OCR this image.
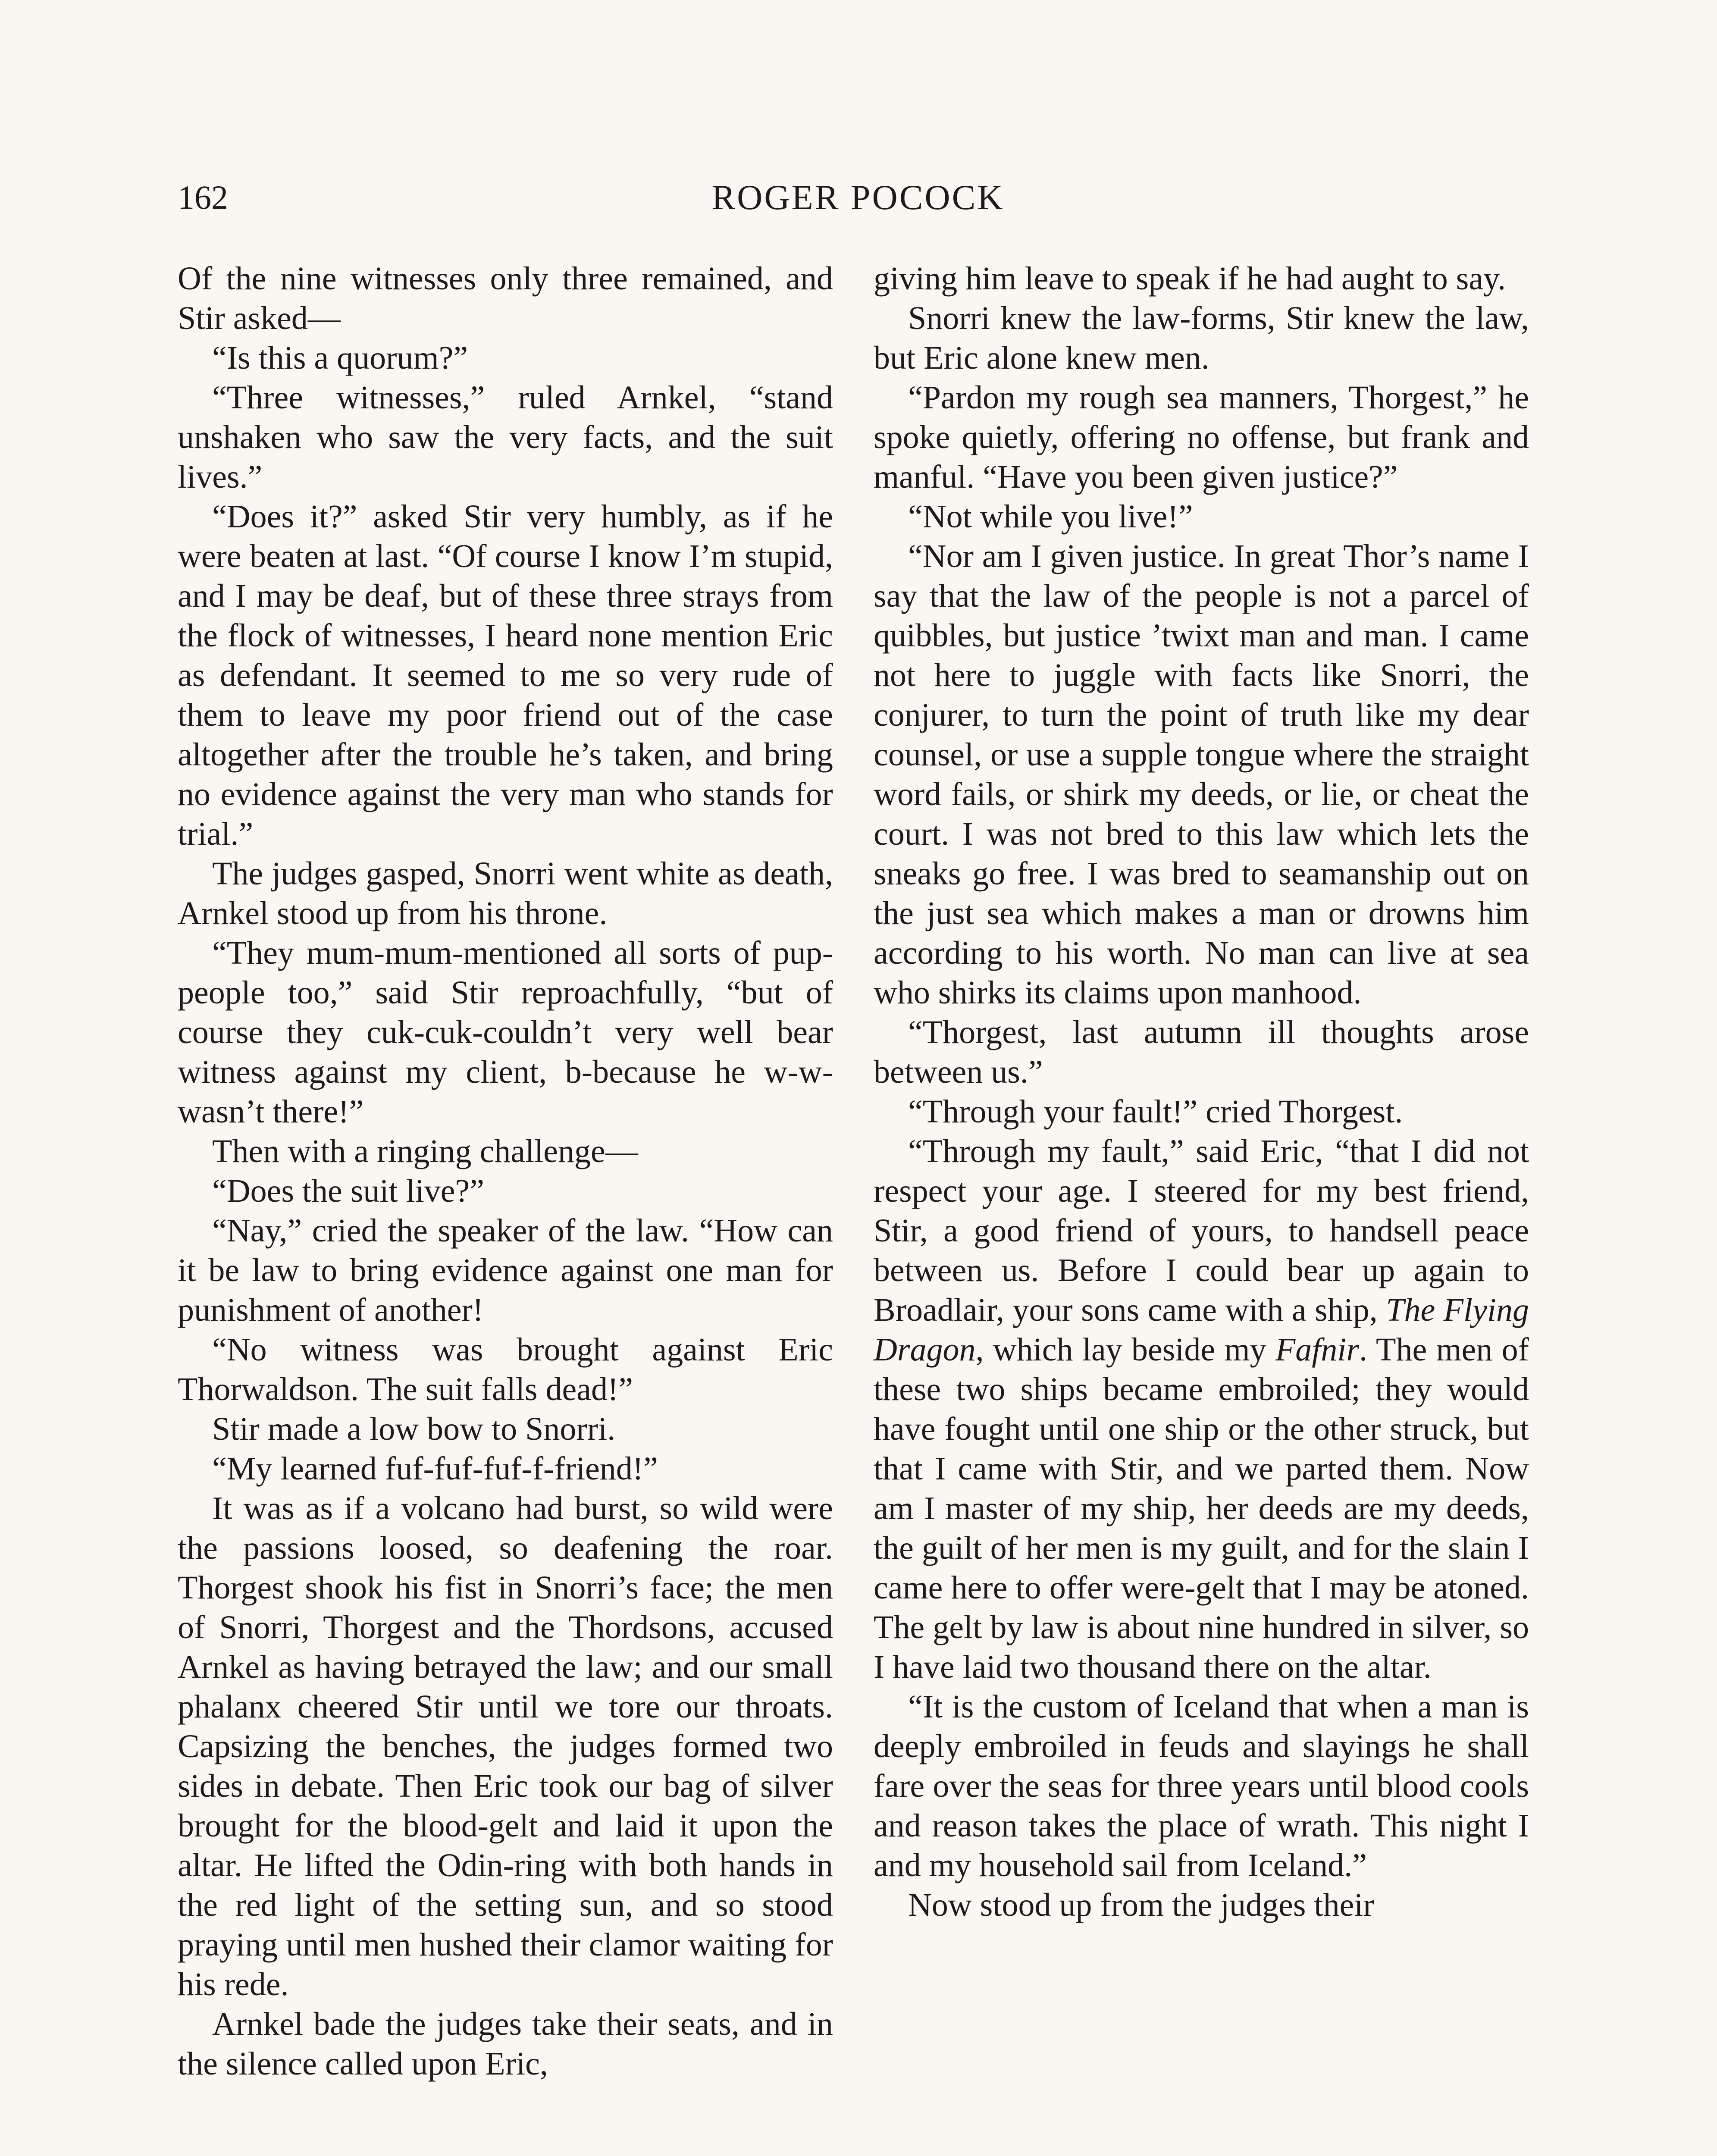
162	ROGER POCOCK

Of the nine witnesses only three remained, and Stir asked—

“Is this a quorum?”

“Three witnesses,” ruled Arnkel, “stand unshaken who saw the very facts, and the suit lives.”

“Does it?” asked Stir very humbly, as if he were beaten at last. “Of course I know I’m stupid, and I may be deaf, but of these three strays from the flock of witnesses, I heard none mention Eric as defendant. It seemed to me so very rude of them to leave my poor friend out of the case altogether after the trouble he’s taken, and bring no evidence against the very man who stands for trial.”

The judges gasped, Snorri went white as death, Arnkel stood up from his throne.

“They mum-mum-mentioned all sorts of pup-people too,” said Stir reproachfully, “but of course they cuk-cuk-couldn’t very well bear witness against my client, b-because he w-w-wasn’t there!”

Then with a ringing challenge—

“Does the suit live?”

“Nay,” cried the speaker of the law. “How can it be law to bring evidence against one man for punishment of another!

“No witness was brought against Eric Thorwaldson. The suit falls dead!”

Stir made a low bow to Snorri.

“My learned fuf-fuf-fuf-f-friend!”

It was as if a volcano had burst, so wild were the passions loosed, so deafening the roar. Thorgest shook his fist in Snorri’s face; the men of Snorri, Thorgest and the Thordsons, accused Arnkel as having betrayed the law; and our small phalanx cheered Stir until we tore our throats. Capsizing the benches, the judges formed two sides in debate. Then Eric took our bag of silver brought for the blood-gelt and laid it upon the altar. He lifted the Odin-ring with both hands in the red light of the setting sun, and so stood praying until men hushed their clamor waiting for his rede.

Arnkel bade the judges take their seats, and in the silence called upon Eric,

giving him leave to speak if he had aught to say.

Snorri knew the law-forms, Stir knew the law, but Eric alone knew men.

“Pardon my rough sea manners, Thorgest,” he spoke quietly, offering no offense, but frank and manful. “Have you been given justice?”

“Not while you live!”

“Nor am I given justice. In great Thor’s name I say that the law of the people is not a parcel of quibbles, but justice ’twixt man and man. I came not here to juggle with facts like Snorri, the conjurer, to turn the point of truth like my dear counsel, or use a supple tongue where the straight word fails, or shirk my deeds, or lie, or cheat the court. I was not bred to this law which lets the sneaks go free. I was bred to seamanship out on the just sea which makes a man or drowns him according to his worth. No man can live at sea who shirks its claims upon manhood.

“Thorgest, last autumn ill thoughts arose between us.”

“Through your fault!” cried Thorgest.

“Through my fault,” said Eric, “that I did not respect your age. I steered for my best friend, Stir, a good friend of yours, to handsell peace between us. Before I could bear up again to Broadlair, your sons came with a ship, The Flying Dragon, which lay beside my Fafnir. The men of these two ships became embroiled; they would have fought until one ship or the other struck, but that I came with Stir, and we parted them. Now am I master of my ship, her deeds are my deeds, the guilt of her men is my guilt, and for the slain I came here to offer were-gelt that I may be atoned. The gelt by law is about nine hundred in silver, so I have laid two thousand there on the altar.

“It is the custom of Iceland that when a man is deeply embroiled in feuds and slayings he shall fare over the seas for three years until blood cools and reason takes the place of wrath. This night I and my household sail from Iceland.”

Now stood up from the judges their
